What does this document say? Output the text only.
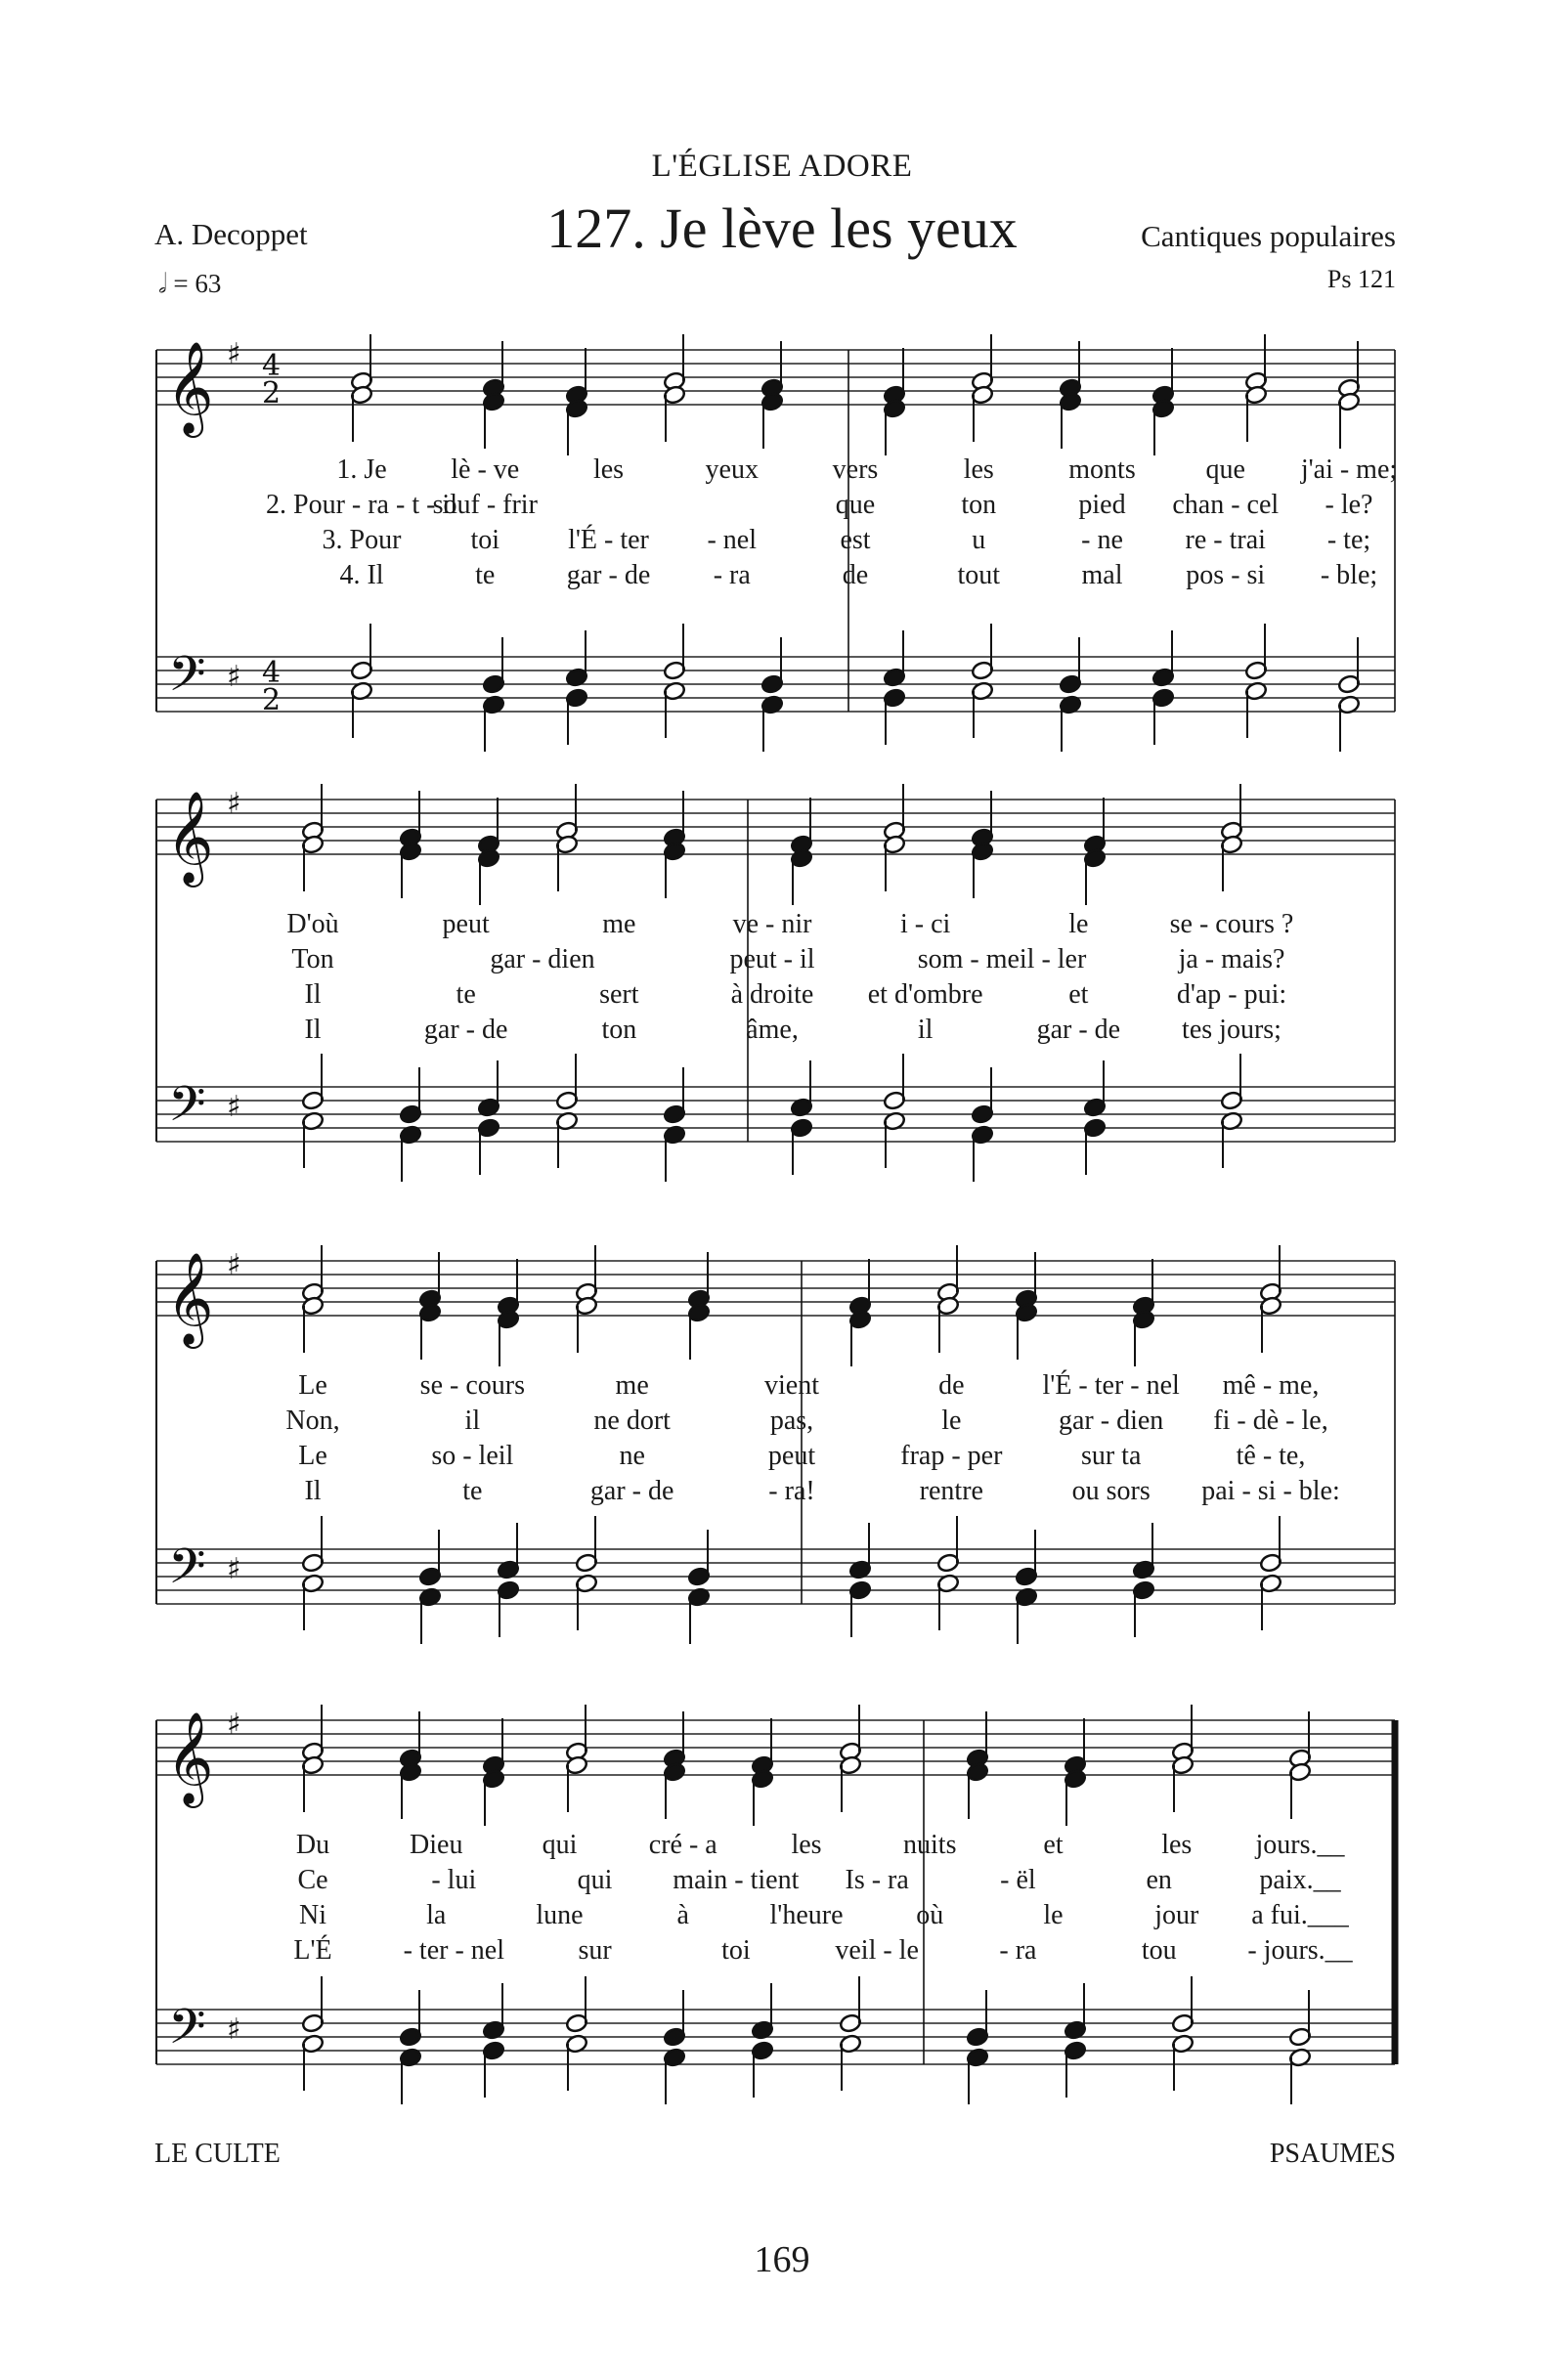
L'ÉGLISE ADORE
127. Je lève les yeux
A. Decoppet	Cantiques populaires
Ps 121
𝅗𝅥 = 63
𝄞
𝄢
♯
♯
4
2
4
2
𝄞
𝄢
♯
♯
𝄞
𝄢
♯
♯
𝄞
𝄢
♯
♯
1. Je lè - ve	les	yeux	vers	les	monts	que j'ai - me;
2. Pour - ra - t - il
souf - frir	que	ton	pied chan - cel - le?
3. Pour	toi	l'É - ter - nel	est	u	- ne re - trai - te;
4. Il	te	gar - de - ra	de	tout	mal pos - si - ble;
D'où	peut	me	ve - nir	i - ci	le	se - cours ?
Ton	gar - dien	peut - il	som - meil - ler	ja - mais?
Il	te	sert	à droite et d'ombre	et	d'ap - pui:
Il	gar - de	ton	âme,	il	gar - de tes jours;
Le	se - cours	me	vient	de	l'É - ter - nel mê - me,
Non,	il	ne dort	pas,	le	gar - dien fi - dè - le,
Le	so - leil	ne	peut	frap - per	sur ta	tê - te,
Il	te	gar - de	- ra!	rentre	ou sors pai - si - ble:
Du	Dieu	qui	cré - a	les	nuits	et	les jours.__
Ce	- lui	qui main - tient Is - ra	- ël	en	paix.__
Ni	la	lune	à	l'heure	où	le	jour a fui.___
L'É	- ter - nel	sur	toi	veil - le	- ra	tou	- jours.__
LE CULTE	PSAUMES
169
